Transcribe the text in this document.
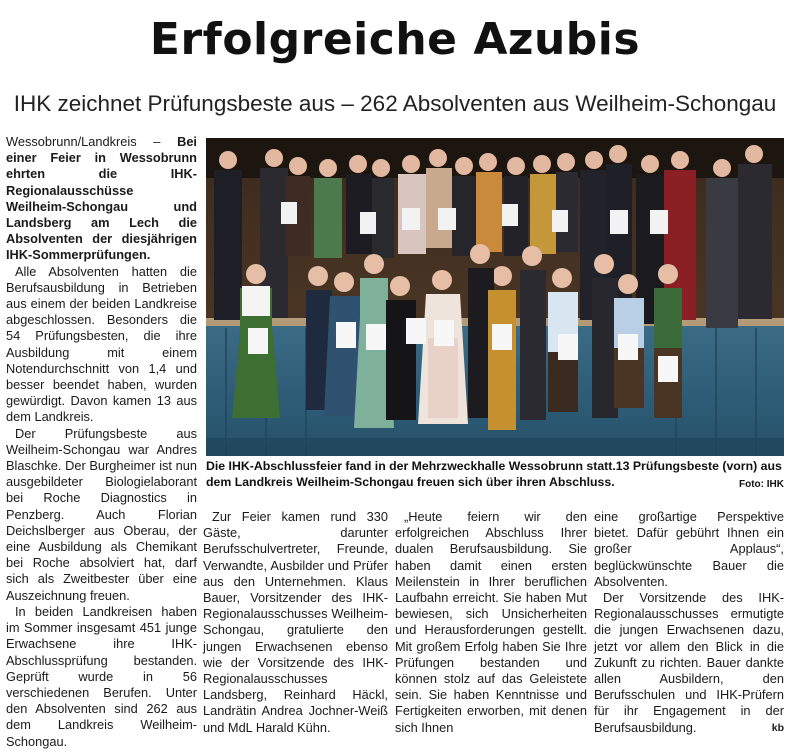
Erfolgreiche Azubis
IHK zeichnet Prüfungsbeste aus – 262 Absolventen aus Weilheim-Schongau

Wessobrunn/Landkreis – Bei einer Feier in Wessobrunn ehrten die IHK-Regionalausschüsse Weilheim-Schongau und Landsberg am Lech die Absolventen der diesjährigen IHK-Sommerprüfungen.

Alle Absolventen hatten die Berufsausbildung in Betrieben aus einem der beiden Landkreise abgeschlossen. Besonders die 54 Prüfungsbesten, die ihre Ausbildung mit einem Notendurchschnitt von 1,4 und besser beendet haben, wurden gewürdigt. Davon kamen 13 aus dem Landkreis.

Der Prüfungsbeste aus Weilheim-Schongau war Andres Blaschke. Der Burgheimer ist nun ausgebildeter Biologielaborant bei Roche Diagnostics in Penzberg. Auch Florian Deichslberger aus Oberau, der eine Ausbildung als Chemikant bei Roche absolviert hat, darf sich als Zweitbester über eine Auszeichnung freuen.

In beiden Landkreisen haben im Sommer insgesamt 451 junge Erwachsene ihre IHK-Abschlussprüfung bestanden. Geprüft wurde in 56 verschiedenen Berufen. Unter den Absolventen sind 262 aus dem Landkreis Weilheim-Schongau.

Die IHK-Abschlussfeier fand in der Mehrzweckhalle Wessobrunn statt.13 Prüfungsbeste (vorn) aus dem Landkreis Weilheim-Schongau freuen sich über ihren Abschluss.	Foto: IHK

Zur Feier kamen rund 330 Gäste, darunter Berufsschulvertreter, Freunde, Verwandte, Ausbilder und Prüfer aus den Unternehmen. Klaus Bauer, Vorsitzender des IHK-Regionalausschusses Weilheim-Schongau, gratulierte den jungen Erwachsenen ebenso wie der Vorsitzende des IHK-Regionalausschusses Landsberg, Reinhard Häckl, Landrätin Andrea Jochner-Weiß und MdL Harald Kühn.

„Heute feiern wir den erfolgreichen Abschluss Ihrer dualen Berufsausbildung. Sie haben damit einen ersten Meilenstein in Ihrer beruflichen Laufbahn erreicht. Sie haben Mut bewiesen, sich Unsicherheiten und Herausforderungen gestellt. Mit großem Erfolg haben Sie Ihre Prüfungen bestanden und können stolz auf das Geleistete sein. Sie haben Kenntnisse und Fertigkeiten erworben, mit denen sich Ihnen

eine großartige Perspektive bietet. Dafür gebührt Ihnen ein großer Applaus“, beglückwünschte Bauer die Absolventen.

Der Vorsitzende des IHK-Regionalausschusses ermutigte die jungen Erwachsenen dazu, jetzt vor allem den Blick in die Zukunft zu richten. Bauer dankte allen Ausbildern, den Berufsschulen und IHK-Prüfern für ihr Engagement in der Berufsausbildung.	kb
